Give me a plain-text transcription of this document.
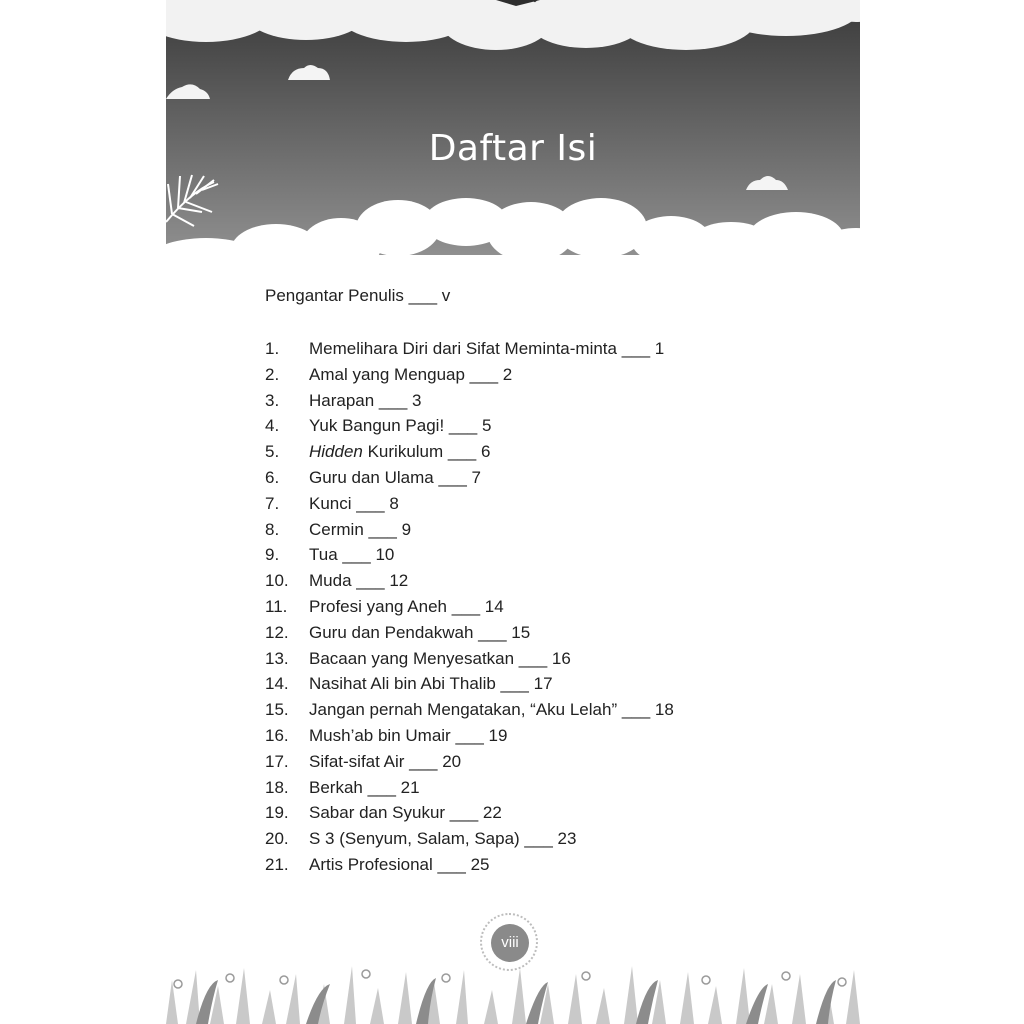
Daftar Isi
Pengantar Penulis ___ v
1.	Memelihara Diri dari Sifat Meminta-minta ___ 1
2.	Amal yang Menguap ___ 2
3.	Harapan ___ 3
4.	Yuk Bangun Pagi! ___ 5
5.	Hidden Kurikulum ___ 6
6.	Guru dan Ulama ___ 7
7.	Kunci ___ 8
8.	Cermin ___ 9
9.	Tua ___ 10
10.	Muda ___ 12
11.	Profesi yang Aneh ___ 14
12.	Guru dan Pendakwah ___ 15
13.	Bacaan yang Menyesatkan ___ 16
14.	Nasihat Ali bin Abi Thalib ___ 17
15.	Jangan pernah Mengatakan, “Aku Lelah” ___ 18
16.	Mush’ab bin Umair ___ 19
17.	Sifat-sifat Air ___ 20
18.	Berkah ___ 21
19.	Sabar dan Syukur ___ 22
20.	S 3 (Senyum, Salam, Sapa) ___ 23
21.	Artis Profesional ___ 25
viii
